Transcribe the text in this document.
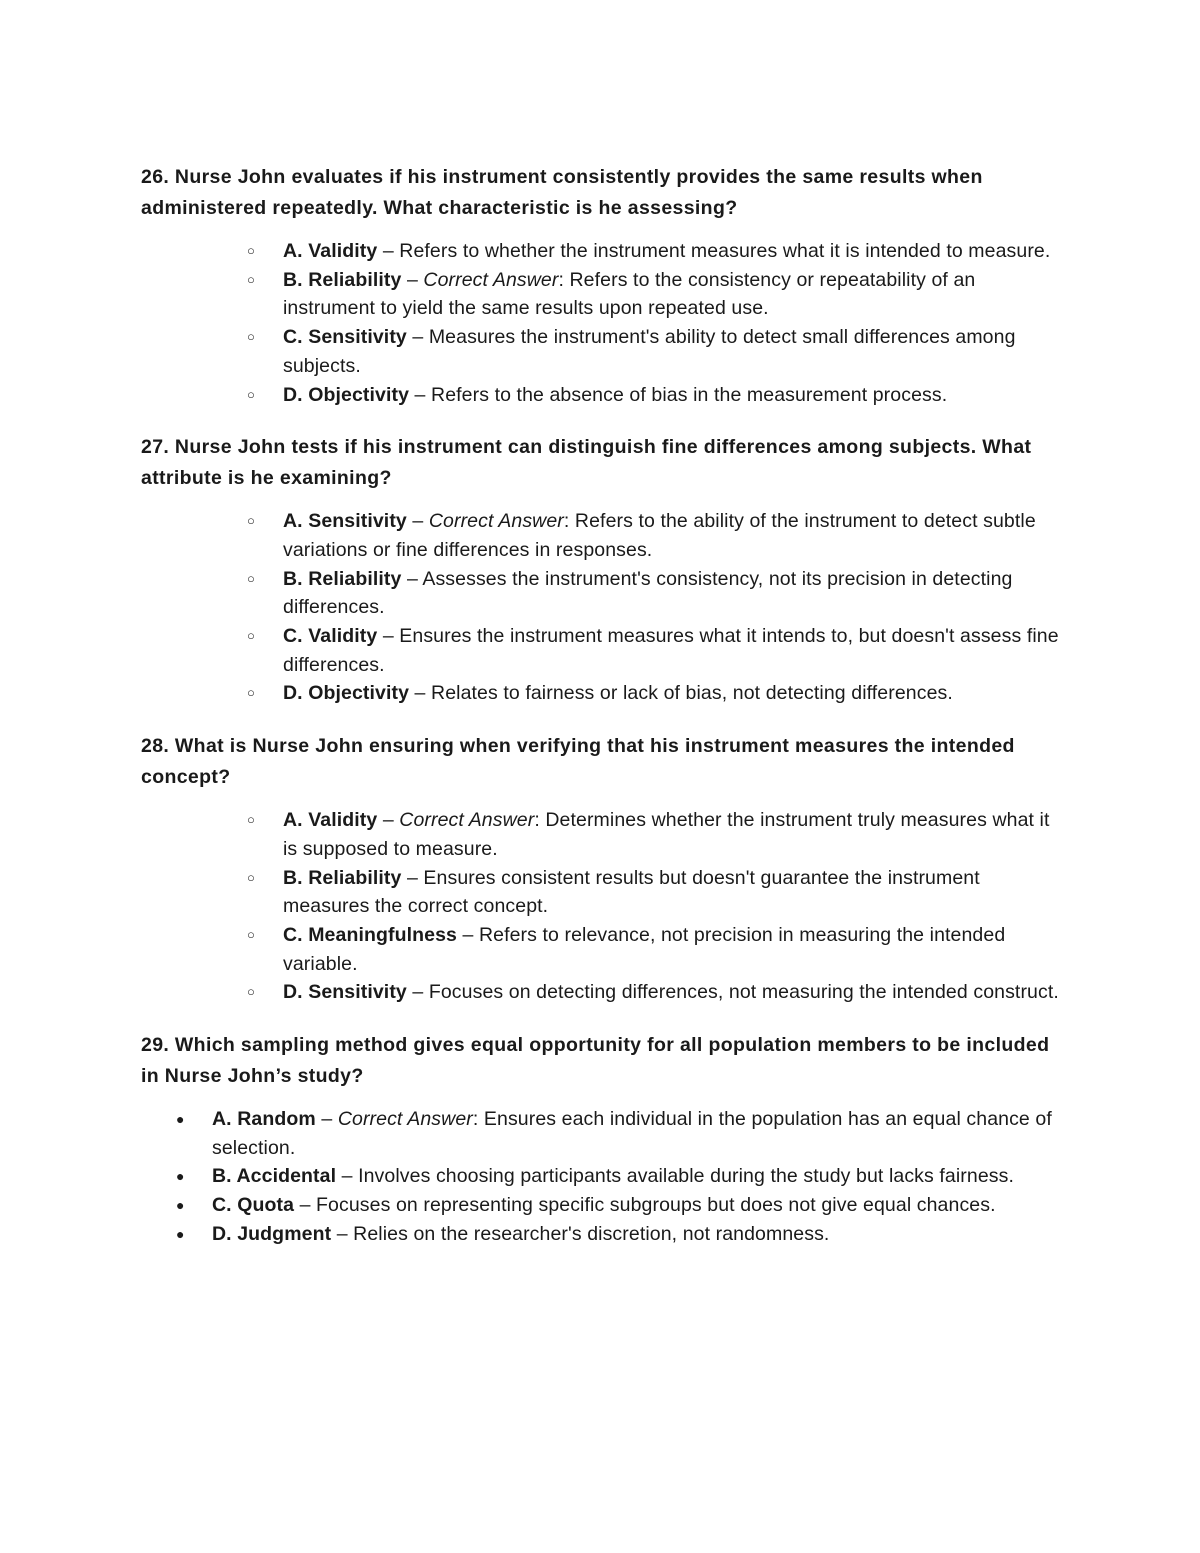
26. Nurse John evaluates if his instrument consistently provides the same results when administered repeatedly. What characteristic is he assessing?

○ A. Validity – Refers to whether the instrument measures what it is intended to measure.
○ B. Reliability – Correct Answer: Refers to the consistency or repeatability of an instrument to yield the same results upon repeated use.
○ C. Sensitivity – Measures the instrument's ability to detect small differences among subjects.
○ D. Objectivity – Refers to the absence of bias in the measurement process.

27. Nurse John tests if his instrument can distinguish fine differences among subjects. What attribute is he examining?

○ A. Sensitivity – Correct Answer: Refers to the ability of the instrument to detect subtle variations or fine differences in responses.
○ B. Reliability – Assesses the instrument's consistency, not its precision in detecting differences.
○ C. Validity – Ensures the instrument measures what it intends to, but doesn't assess fine differences.
○ D. Objectivity – Relates to fairness or lack of bias, not detecting differences.

28. What is Nurse John ensuring when verifying that his instrument measures the intended concept?

○ A. Validity – Correct Answer: Determines whether the instrument truly measures what it is supposed to measure.
○ B. Reliability – Ensures consistent results but doesn't guarantee the instrument measures the correct concept.
○ C. Meaningfulness – Refers to relevance, not precision in measuring the intended variable.
○ D. Sensitivity – Focuses on detecting differences, not measuring the intended construct.

29. Which sampling method gives equal opportunity for all population members to be included in Nurse John’s study?

● A. Random – Correct Answer: Ensures each individual in the population has an equal chance of selection.
● B. Accidental – Involves choosing participants available during the study but lacks fairness.
● C. Quota – Focuses on representing specific subgroups but does not give equal chances.
● D. Judgment – Relies on the researcher's discretion, not randomness.
